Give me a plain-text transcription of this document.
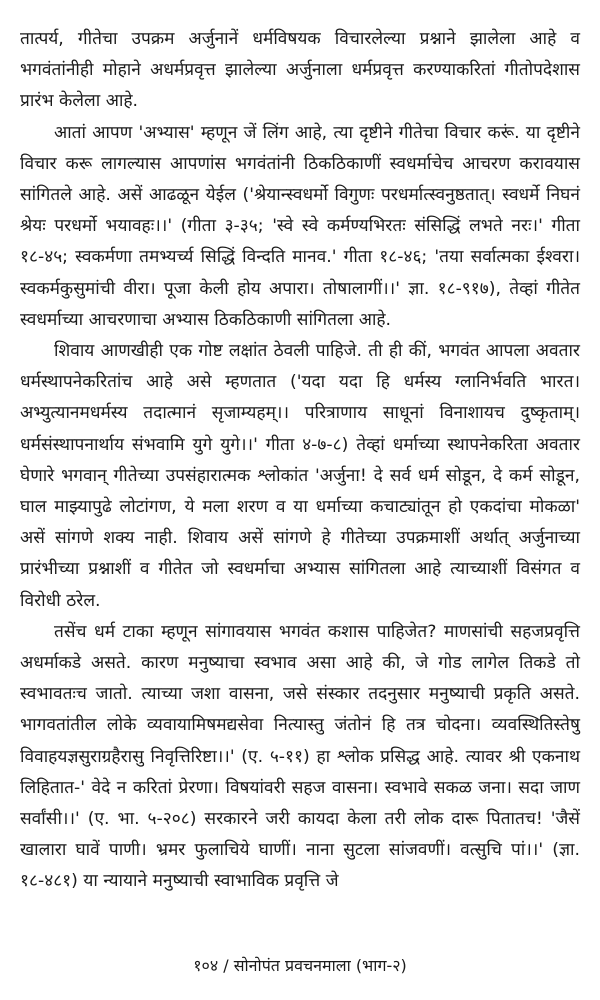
तात्पर्य, गीतेचा उपक्रम अर्जुनानें धर्मविषयक विचारलेल्या प्रश्नाने झालेला आहे व भगवंतांनीही मोहाने अधर्मप्रवृत्त झालेल्या अर्जुनाला धर्मप्रवृत्त करण्याकरितां गीतोपदेशास प्रारंभ केलेला आहे.

आतां आपण 'अभ्यास' म्हणून जें लिंग आहे, त्या दृष्टीने गीतेचा विचार करूं. या दृष्टीने विचार करू लागल्यास आपणांस भगवंतांनी ठिकठिकाणीं स्वधर्माचेच आचरण करावयास सांगितले आहे. असें आढळून येईल ('श्रेयान्स्वधर्मो विगुणः परधर्मात्स्वनुष्ठतात्‌। स्वधर्मे निघनं श्रेयः परधर्मो भयावहः।।' (गीता ३-३५; 'स्वे स्वे कर्मण्यभिरतः संसिद्धिं लभते नरः।' गीता १८-४५; स्वकर्मणा तमभ्यर्च्य सिद्धिं विन्दति मानव.' गीता १८-४६; 'तया सर्वात्मका ईश्वरा। स्वकर्मकुसुमांची वीरा। पूजा केली होय अपारा। तोषालागीं।।' ज्ञा. १८-९१७), तेव्हां गीतेत स्वधर्माच्या आचरणाचा अभ्यास ठिकठिकाणी सांगितला आहे.

शिवाय आणखीही एक गोष्ट लक्षांत ठेवली पाहिजे. ती ही कीं, भगवंत आपला अवतार धर्मस्थापनेकरितांच आहे असे म्हणतात ('यदा यदा हि धर्मस्य ग्लानिर्भवति भारत। अभ्युत्यानमधर्मस्य तदात्मानं सृजाम्यहम्‌।। परित्राणाय साधूनां विनाशायच दुष्कृताम्‌। धर्मसंस्थापनार्थाय संभवामि युगे युगे।।' गीता ४-७-८) तेव्हां धर्माच्या स्थापनेकरिता अवतार घेणारे भगवान्‌ गीतेच्या उपसंहारात्मक श्लोकांत 'अर्जुना! दे सर्व धर्म सोडून, दे कर्म सोडून, घाल माझ्यापुढे लोटांगण, ये मला शरण व या धर्माच्या कचाट्यांतून हो एकदांचा मोकळा' असें सांगणे शक्य नाही. शिवाय असें सांगणे हे गीतेच्या उपक्रमाशीं अर्थात्‌ अर्जुनाच्या प्रारंभीच्या प्रश्नाशीं व गीतेत जो स्वधर्माचा अभ्यास सांगितला आहे त्याच्याशीं विसंगत व विरोधी ठरेल.

तसेंच धर्म टाका म्हणून सांगावयास भगवंत कशास पाहिजेत? माणसांची सहजप्रवृत्ति अधर्माकडे असते. कारण मनुष्याचा स्वभाव असा आहे की, जे गोड लागेल तिकडे तो स्वभावतःच जातो. त्याच्या जशा वासना, जसे संस्कार तदनुसार मनुष्याची प्रकृति असते. भागवतांतील लोके व्यवायामिषमद्यसेवा नित्यास्तु जंतोनं हि तत्र चोदना। व्यवस्थितिस्तेषु विवाहयज्ञसुराग्रहैरासु निवृत्तिरिष्टा।।' (ए. ५-११) हा श्लोक प्रसिद्ध आहे. त्यावर श्री एकनाथ लिहितात-' वेदे न करितां प्रेरणा। विषयांवरी सहज वासना। स्वभावे सकळ जना। सदा जाण सर्वांसी।।' (ए. भा. ५-२०८) सरकारने जरी कायदा केला तरी लोक दारू पितातच! 'जैसें खालारा घावें पाणी। भ्रमर फुलाचिये घाणीं। नाना सुटला सांजवणीं। वत्सुचि पां।।' (ज्ञा. १८-४८१) या न्यायाने मनुष्याची स्वाभाविक प्रवृत्ति जे

१०४ / सोनोपंत प्रवचनमाला (भाग-२)
